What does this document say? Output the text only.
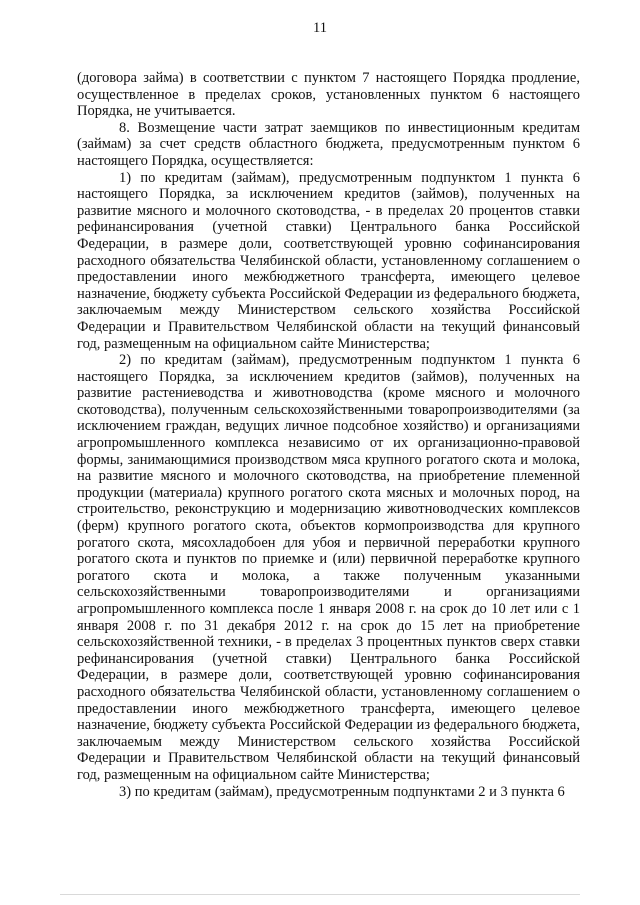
11

(договора займа) в соответствии с пунктом 7 настоящего Порядка продление, осуществленное в пределах сроков, установленных пунктом 6 настоящего Порядка, не учитывается.

8. Возмещение части затрат заемщиков по инвестиционным кредитам (займам) за счет средств областного бюджета, предусмотренным пунктом 6 настоящего Порядка, осуществляется:

1) по кредитам (займам), предусмотренным подпунктом 1 пункта 6 настоящего Порядка, за исключением кредитов (займов), полученных на развитие мясного и молочного скотоводства, - в пределах 20 процентов ставки рефинансирования (учетной ставки) Центрального банка Российской Федерации, в размере доли, соответствующей уровню софинансирования расходного обязательства Челябинской области, установленному соглашением о предоставлении иного межбюджетного трансферта, имеющего целевое назначение, бюджету субъекта Российской Федерации из федерального бюджета, заключаемым между Министерством сельского хозяйства Российской Федерации и Правительством Челябинской области на текущий финансовый год, размещенным на официальном сайте Министерства;

2) по кредитам (займам), предусмотренным подпунктом 1 пункта 6 настоящего Порядка, за исключением кредитов (займов), полученных на развитие растениеводства и животноводства (кроме мясного и молочного скотоводства), полученным сельскохозяйственными товаропроизводителями (за исключением граждан, ведущих личное подсобное хозяйство) и организациями агропромышленного комплекса независимо от их организационно-правовой формы, занимающимися производством мяса крупного рогатого скота и молока, на развитие мясного и молочного скотоводства, на приобретение племенной продукции (материала) крупного рогатого скота мясных и молочных пород, на строительство, реконструкцию и модернизацию животноводческих комплексов (ферм) крупного рогатого скота, объектов кормопроизводства для крупного рогатого скота, мясохладобоен для убоя и первичной переработки крупного рогатого скота и пунктов по приемке и (или) первичной переработке крупного рогатого скота и молока, а также полученным указанными сельскохозяйственными товаропроизводителями и организациями агропромышленного комплекса после 1 января 2008 г. на срок до 10 лет или с 1 января 2008 г. по 31 декабря 2012 г. на срок до 15 лет на приобретение сельскохозяйственной техники, - в пределах 3 процентных пунктов сверх ставки рефинансирования (учетной ставки) Центрального банка Российской Федерации, в размере доли, соответствующей уровню софинансирования расходного обязательства Челябинской области, установленному соглашением о предоставлении иного межбюджетного трансферта, имеющего целевое назначение, бюджету субъекта Российской Федерации из федерального бюджета, заключаемым между Министерством сельского хозяйства Российской Федерации и Правительством Челябинской области на текущий финансовый год, размещенным на официальном сайте Министерства;

3) по кредитам (займам), предусмотренным подпунктами 2 и 3 пункта 6
